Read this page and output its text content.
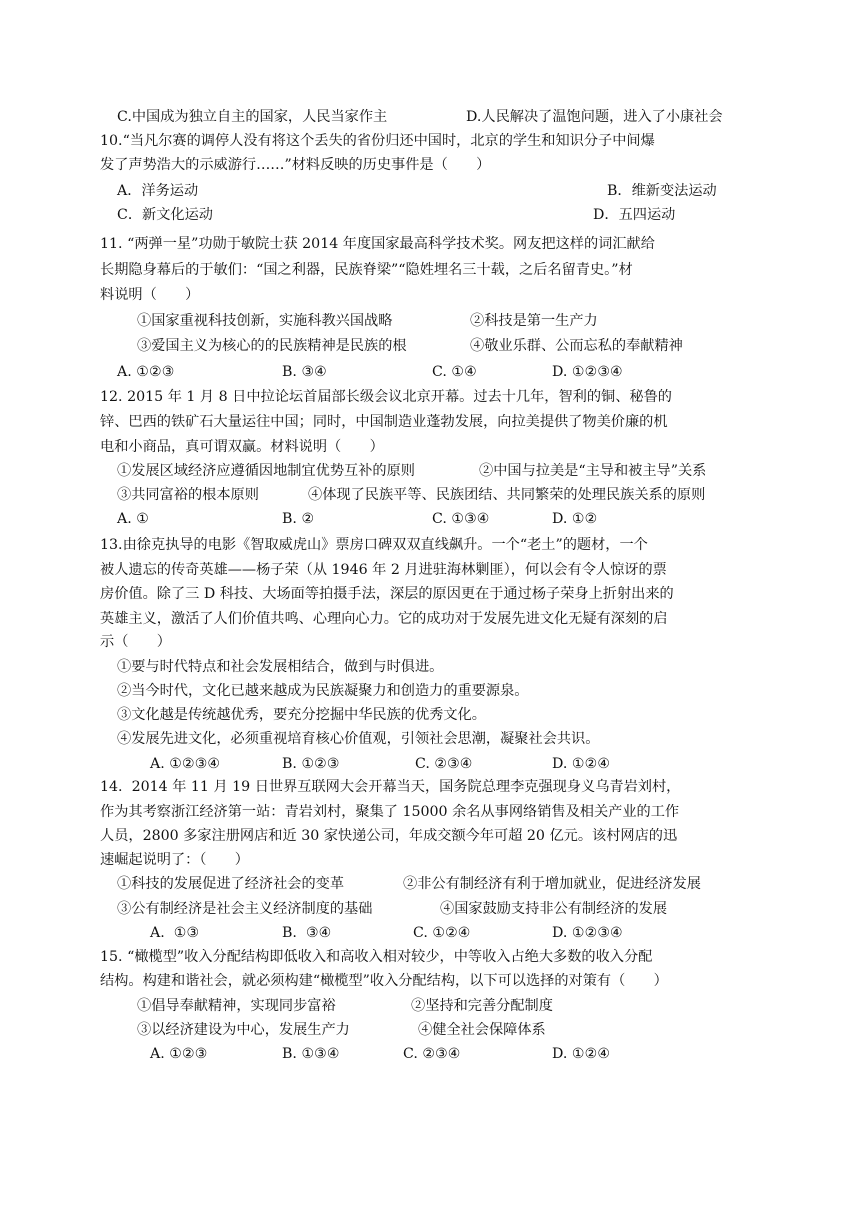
C.中国成为独立自主的国家，人民当家作主	D.人民解决了温饱问题，进入了小康社会
10.“当凡尔赛的调停人没有将这个丢失的省份归还中国时，北京的学生和知识分子中间爆
发了声势浩大的示威游行……”材料反映的历史事件是（　　）
A．洋务运动	B．维新变法运动
C．新文化运动	D．五四运动
11. “两弹一星”功勋于敏院士获 2014 年度国家最高科学技术奖。网友把这样的词汇献给
长期隐身幕后的于敏们：“国之利器，民族脊梁”“隐姓埋名三十载，之后名留青史。”材
料说明（　　）
①国家重视科技创新，实施科教兴国战略	②科技是第一生产力
③爱国主义为核心的的民族精神是民族的根	④敬业乐群、公而忘私的奉献精神
A. ①②③	B. ③④	C. ①④	D. ①②③④
12. 2015 年 1 月 8 日中拉论坛首届部长级会议北京开幕。过去十几年，智利的铜、秘鲁的
锌、巴西的铁矿石大量运往中国；同时，中国制造业蓬勃发展，向拉美提供了物美价廉的机
电和小商品，真可谓双赢。材料说明（　　）
①发展区域经济应遵循因地制宜优势互补的原则	②中国与拉美是“主导和被主导”关系
③共同富裕的根本原则	④体现了民族平等、民族团结、共同繁荣的处理民族关系的原则
A. ①	B. ②	C. ①③④	D. ①②
13.由徐克执导的电影《智取威虎山》票房口碑双双直线飙升。一个“老土”的题材，一个
被人遗忘的传奇英雄——杨子荣（从 1946 年 2 月进驻海林剿匪），何以会有令人惊讶的票
房价值。除了三 D 科技、大场面等拍摄手法，深层的原因更在于通过杨子荣身上折射出来的
英雄主义，激活了人们价值共鸣、心理向心力。它的成功对于发展先进文化无疑有深刻的启
示（　　）
①要与时代特点和社会发展相结合，做到与时俱进。
②当今时代，文化已越来越成为民族凝聚力和创造力的重要源泉。
③文化越是传统越优秀，要充分挖掘中华民族的优秀文化。
④发展先进文化，必须重视培育核心价值观，引领社会思潮，凝聚社会共识。
A. ①②③④	B. ①②③	C. ②③④	D. ①②④
14.  2014 年 11 月 19 日世界互联网大会开幕当天，国务院总理李克强现身义乌青岩刘村，
作为其考察浙江经济第一站：青岩刘村，聚集了 15000 余名从事网络销售及相关产业的工作
人员，2800 多家注册网店和近 30 家快递公司，年成交额今年可超 20 亿元。该村网店的迅
速崛起说明了：（　　）
①科技的发展促进了经济社会的变革	②非公有制经济有利于增加就业，促进经济发展
③公有制经济是社会主义经济制度的基础	④国家鼓励支持非公有制经济的发展
A.  ①③	B.  ③④	C. ①②④	D. ①②③④
15. “橄榄型”收入分配结构即低收入和高收入相对较少，中等收入占绝大多数的收入分配
结构。构建和谐社会，就必须构建“橄榄型”收入分配结构，以下可以选择的对策有（　　）
①倡导奉献精神，实现同步富裕	②坚持和完善分配制度
③以经济建设为中心，发展生产力	④健全社会保障体系
A. ①②③	B. ①③④	C. ②③④	D. ①②④
